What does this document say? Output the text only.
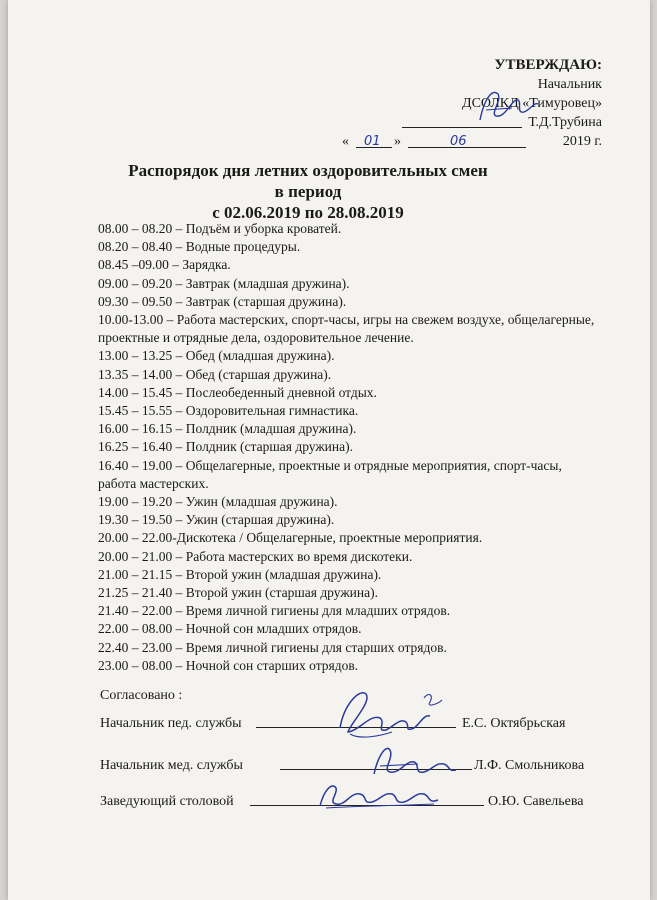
УТВЕРЖДАЮ:
Начальник
ДСОЛКД «Тимуровец»
Т.Д.Трубина
« 01 »	06	2019 г.
Распорядок дня летних оздоровительных смен
в период
с 02.06.2019 по 28.08.2019
08.00 – 08.20 – Подъём и уборка кроватей.
08.20 – 08.40 – Водные процедуры.
08.45 –09.00 – Зарядка.
09.00 – 09.20 – Завтрак (младшая дружина).
09.30 – 09.50 – Завтрак (старшая дружина).
10.00-13.00 – Работа мастерских, спорт-часы, игры на свежем воздухе, общелагерные, проектные и отрядные дела, оздоровительное лечение.
13.00 – 13.25 – Обед (младшая дружина).
13.35 – 14.00 – Обед (старшая дружина).
14.00 – 15.45 – Послеобеденный дневной отдых.
15.45 – 15.55 – Оздоровительная гимнастика.
16.00 – 16.15 – Полдник (младшая дружина).
16.25 – 16.40 – Полдник (старшая дружина).
16.40 – 19.00 – Общелагерные, проектные и отрядные мероприятия, спорт-часы, работа мастерских.
19.00 – 19.20 – Ужин (младшая дружина).
19.30 – 19.50 – Ужин (старшая дружина).
20.00 – 22.00-Дискотека / Общелагерные, проектные мероприятия.
20.00 – 21.00 – Работа мастерских во время дискотеки.
21.00 – 21.15 – Второй ужин (младшая дружина).
21.25 – 21.40 – Второй ужин (старшая дружина).
21.40 – 22.00 – Время личной гигиены для младших отрядов.
22.00 – 08.00 – Ночной сон младших отрядов.
22.40 – 23.00 – Время личной гигиены для старших отрядов.
23.00 – 08.00 – Ночной сон старших отрядов.
Согласовано :
Начальник пед. службы	Е.С. Октябрьская
Начальник мед. службы	Л.Ф. Смольникова
Заведующий столовой	О.Ю. Савельева
